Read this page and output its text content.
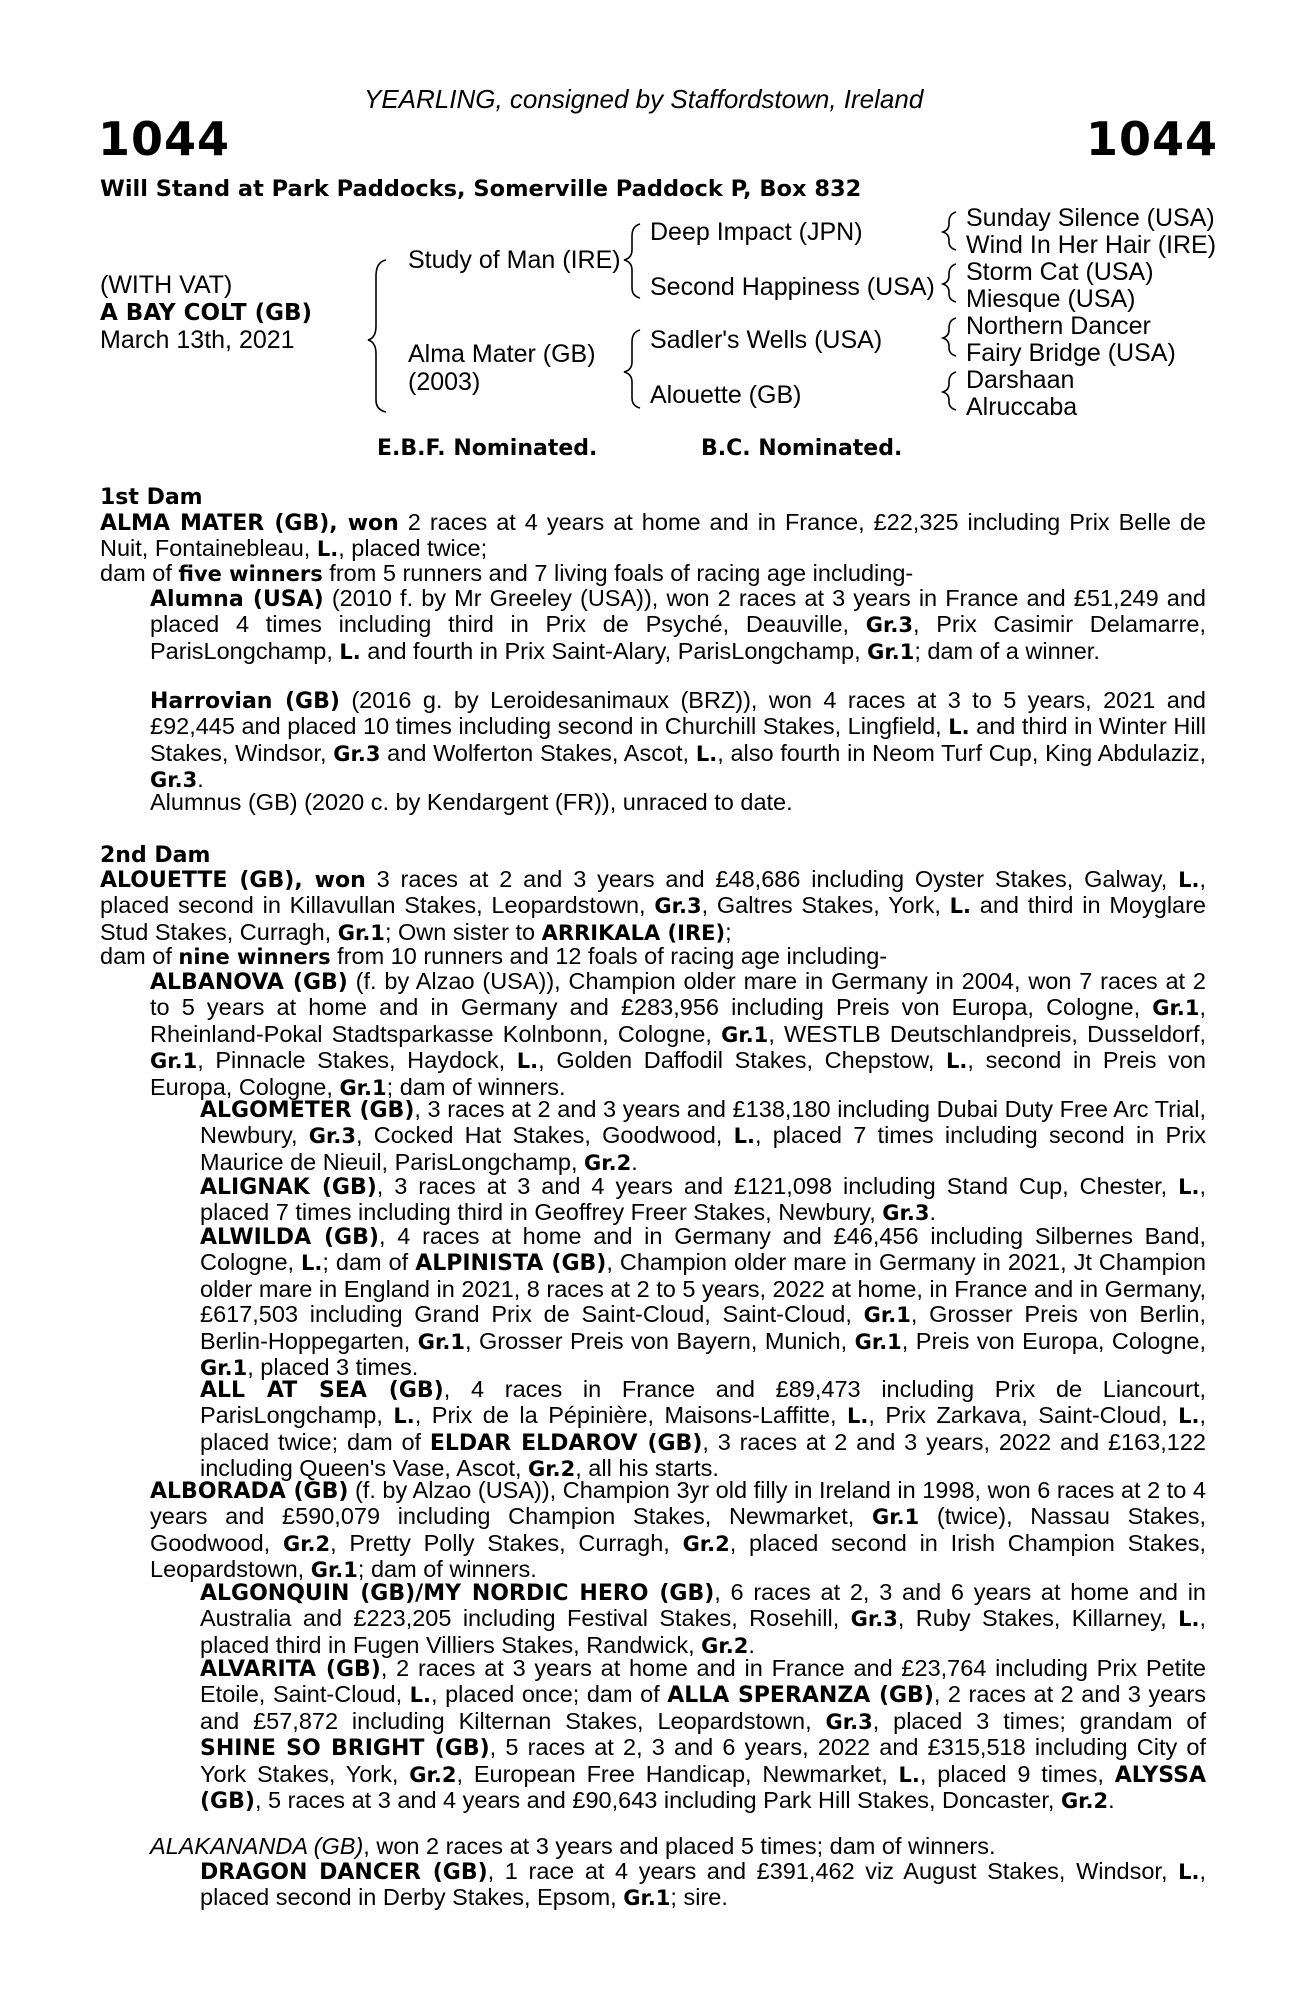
YEARLING, consigned by Staffordstown, Ireland
1044	1044
Will Stand at Park Paddocks, Somerville Paddock P, Box 832
(WITH VAT)
A BAY COLT (GB)
March 13th, 2021
Study of Man (IRE)
Alma Mater (GB)
(2003)
Deep Impact (JPN)
Second Happiness (USA)
Sadler's Wells (USA)
Alouette (GB)
Sunday Silence (USA)
Wind In Her Hair (IRE)
Storm Cat (USA)
Miesque (USA)
Northern Dancer
Fairy Bridge (USA)
Darshaan
Alruccaba
E.B.F. Nominated.	B.C. Nominated.
1st Dam
ALMA MATER (GB), won 2 races at 4 years at home and in France, £22,325 including Prix Belle de Nuit, Fontainebleau, L., placed twice;
dam of five winners from 5 runners and 7 living foals of racing age including-
Alumna (USA) (2010 f. by Mr Greeley (USA)), won 2 races at 3 years in France and £51,249 and placed 4 times including third in Prix de Psyché, Deauville, Gr.3, Prix Casimir Delamarre, ParisLongchamp, L. and fourth in Prix Saint-Alary, ParisLongchamp, Gr.1; dam of a winner.
Harrovian (GB) (2016 g. by Leroidesanimaux (BRZ)), won 4 races at 3 to 5 years, 2021 and £92,445 and placed 10 times including second in Churchill Stakes, Lingfield, L. and third in Winter Hill Stakes, Windsor, Gr.3 and Wolferton Stakes, Ascot, L., also fourth in Neom Turf Cup, King Abdulaziz, Gr.3.
Alumnus (GB) (2020 c. by Kendargent (FR)), unraced to date.
2nd Dam
ALOUETTE (GB), won 3 races at 2 and 3 years and £48,686 including Oyster Stakes, Galway, L., placed second in Killavullan Stakes, Leopardstown, Gr.3, Galtres Stakes, York, L. and third in Moyglare Stud Stakes, Curragh, Gr.1; Own sister to ARRIKALA (IRE);
dam of nine winners from 10 runners and 12 foals of racing age including-
ALBANOVA (GB) (f. by Alzao (USA)), Champion older mare in Germany in 2004, won 7 races at 2 to 5 years at home and in Germany and £283,956 including Preis von Europa, Cologne, Gr.1, Rheinland-Pokal Stadtsparkasse Kolnbonn, Cologne, Gr.1, WESTLB Deutschlandpreis, Dusseldorf, Gr.1, Pinnacle Stakes, Haydock, L., Golden Daffodil Stakes, Chepstow, L., second in Preis von Europa, Cologne, Gr.1; dam of winners.
ALGOMETER (GB), 3 races at 2 and 3 years and £138,180 including Dubai Duty Free Arc Trial, Newbury, Gr.3, Cocked Hat Stakes, Goodwood, L., placed 7 times including second in Prix Maurice de Nieuil, ParisLongchamp, Gr.2.
ALIGNAK (GB), 3 races at 3 and 4 years and £121,098 including Stand Cup, Chester, L., placed 7 times including third in Geoffrey Freer Stakes, Newbury, Gr.3.
ALWILDA (GB), 4 races at home and in Germany and £46,456 including Silbernes Band, Cologne, L.; dam of ALPINISTA (GB), Champion older mare in Germany in 2021, Jt Champion older mare in England in 2021, 8 races at 2 to 5 years, 2022 at home, in France and in Germany, £617,503 including Grand Prix de Saint-Cloud, Saint-Cloud, Gr.1, Grosser Preis von Berlin, Berlin-Hoppegarten, Gr.1, Grosser Preis von Bayern, Munich, Gr.1, Preis von Europa, Cologne, Gr.1, placed 3 times.
ALL AT SEA (GB), 4 races in France and £89,473 including Prix de Liancourt, ParisLongchamp, L., Prix de la Pépinière, Maisons-Laffitte, L., Prix Zarkava, Saint-Cloud, L., placed twice; dam of ELDAR ELDAROV (GB), 3 races at 2 and 3 years, 2022 and £163,122 including Queen's Vase, Ascot, Gr.2, all his starts.
ALBORADA (GB) (f. by Alzao (USA)), Champion 3yr old filly in Ireland in 1998, won 6 races at 2 to 4 years and £590,079 including Champion Stakes, Newmarket, Gr.1 (twice), Nassau Stakes, Goodwood, Gr.2, Pretty Polly Stakes, Curragh, Gr.2, placed second in Irish Champion Stakes, Leopardstown, Gr.1; dam of winners.
ALGONQUIN (GB)/MY NORDIC HERO (GB), 6 races at 2, 3 and 6 years at home and in Australia and £223,205 including Festival Stakes, Rosehill, Gr.3, Ruby Stakes, Killarney, L., placed third in Fugen Villiers Stakes, Randwick, Gr.2.
ALVARITA (GB), 2 races at 3 years at home and in France and £23,764 including Prix Petite Etoile, Saint-Cloud, L., placed once; dam of ALLA SPERANZA (GB), 2 races at 2 and 3 years and £57,872 including Kilternan Stakes, Leopardstown, Gr.3, placed 3 times; grandam of SHINE SO BRIGHT (GB), 5 races at 2, 3 and 6 years, 2022 and £315,518 including City of York Stakes, York, Gr.2, European Free Handicap, Newmarket, L., placed 9 times, ALYSSA (GB), 5 races at 3 and 4 years and £90,643 including Park Hill Stakes, Doncaster, Gr.2.
ALAKANANDA (GB), won 2 races at 3 years and placed 5 times; dam of winners.
DRAGON DANCER (GB), 1 race at 4 years and £391,462 viz August Stakes, Windsor, L., placed second in Derby Stakes, Epsom, Gr.1; sire.
